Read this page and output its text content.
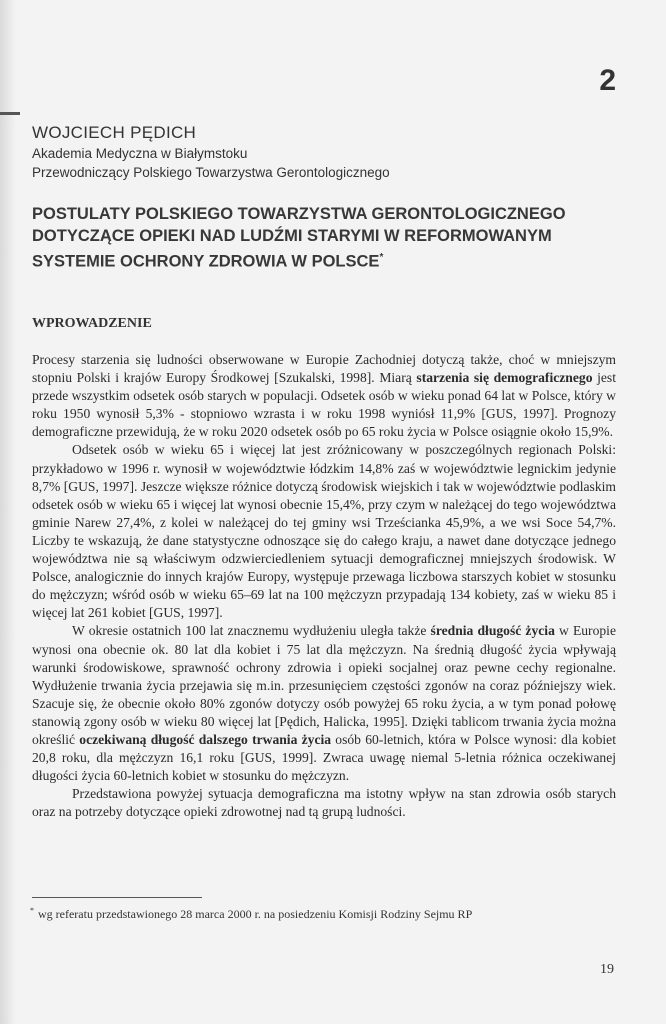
2
WOJCIECH PĘDICH
Akademia Medyczna w Białymstoku
Przewodniczący Polskiego Towarzystwa Gerontologicznego
POSTULATY POLSKIEGO TOWARZYSTWA GERONTOLOGICZNEGO DOTYCZĄCE OPIEKI NAD LUDŹMI STARYMI W REFORMOWANYM SYSTEMIE OCHRONY ZDROWIA W POLSCE*
WPROWADZENIE

Procesy starzenia się ludności obserwowane w Europie Zachodniej dotyczą także, choć w mniejszym stopniu Polski i krajów Europy Środkowej [Szukalski, 1998]. Miarą starzenia się demograficznego jest przede wszystkim odsetek osób starych w populacji. Odsetek osób w wieku ponad 64 lat w Polsce, który w roku 1950 wynosił 5,3% - stopniowo wzrasta i w roku 1998 wyniósł 11,9% [GUS, 1997]. Prognozy demograficzne przewidują, że w roku 2020 odsetek osób po 65 roku życia w Polsce osiągnie około 15,9%.

Odsetek osób w wieku 65 i więcej lat jest zróżnicowany w poszczególnych regionach Polski: przykładowo w 1996 r. wynosił w województwie łódzkim 14,8% zaś w województwie legnickim jedynie 8,7% [GUS, 1997]. Jeszcze większe różnice dotyczą środowisk wiejskich i tak w województwie podlaskim odsetek osób w wieku 65 i więcej lat wynosi obecnie 15,4%, przy czym w należącej do tego województwa gminie Narew 27,4%, z kolei w należącej do tej gminy wsi Trześcianka 45,9%, a we wsi Soce 54,7%. Liczby te wskazują, że dane statystyczne odnoszące się do całego kraju, a nawet dane dotyczące jednego województwa nie są właściwym odzwierciedleniem sytuacji demograficznej mniejszych środowisk. W Polsce, analogicznie do innych krajów Europy, występuje przewaga liczbowa starszych kobiet w stosunku do mężczyzn; wśród osób w wieku 65–69 lat na 100 mężczyzn przypadają 134 kobiety, zaś w wieku 85 i więcej lat 261 kobiet [GUS, 1997].

W okresie ostatnich 100 lat znacznemu wydłużeniu uległa także średnia długość życia w Europie wynosi ona obecnie ok. 80 lat dla kobiet i 75 lat dla mężczyzn. Na średnią długość życia wpływają warunki środowiskowe, sprawność ochrony zdrowia i opieki socjalnej oraz pewne cechy regionalne. Wydłużenie trwania życia przejawia się m.in. przesunięciem częstości zgonów na coraz późniejszy wiek. Szacuje się, że obecnie około 80% zgonów dotyczy osób powyżej 65 roku życia, a w tym ponad połowę stanowią zgony osób w wieku 80 więcej lat [Pędich, Halicka, 1995]. Dzięki tablicom trwania życia można określić oczekiwaną długość dalszego trwania życia osób 60-letnich, która w Polsce wynosi: dla kobiet 20,8 roku, dla mężczyzn 16,1 roku [GUS, 1999]. Zwraca uwagę niemal 5-letnia różnica oczekiwanej długości życia 60-letnich kobiet w stosunku do mężczyzn.

Przedstawiona powyżej sytuacja demograficzna ma istotny wpływ na stan zdrowia osób starych oraz na potrzeby dotyczące opieki zdrowotnej nad tą grupą ludności.

* wg referatu przedstawionego 28 marca 2000 r. na posiedzeniu Komisji Rodziny Sejmu RP
19
